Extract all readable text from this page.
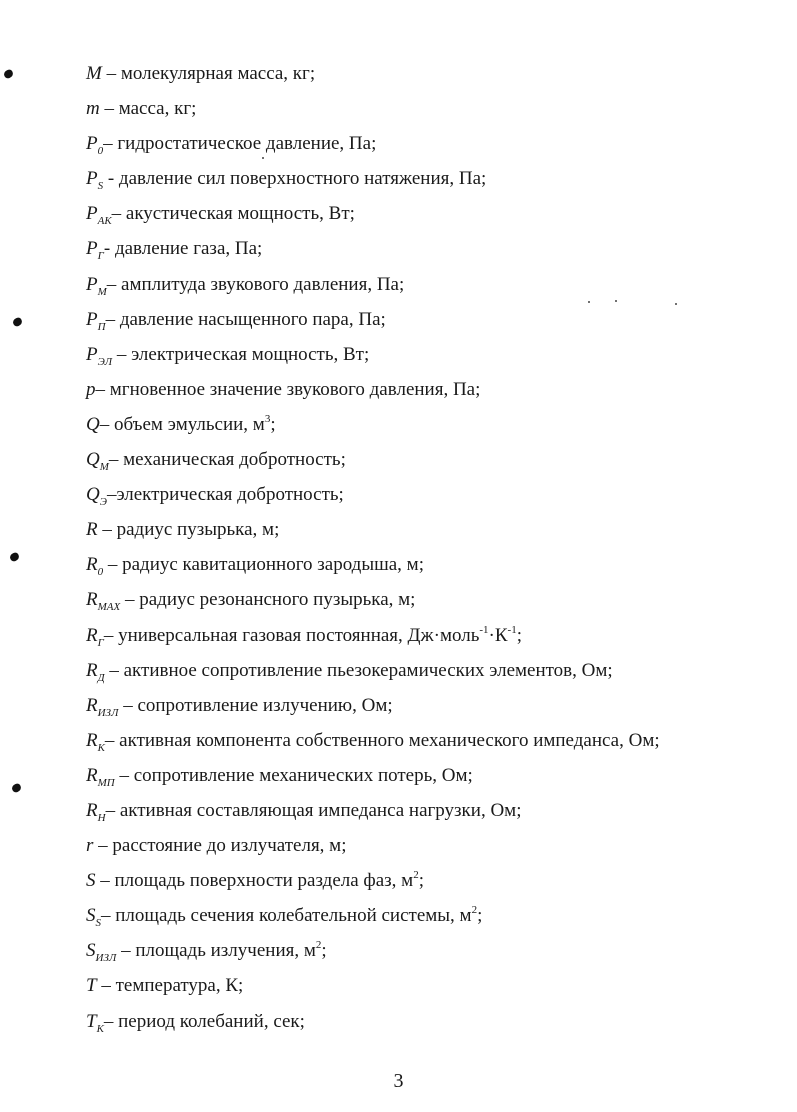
M – молекулярная масса, кг;
m – масса, кг;
$P_0-$ гидростатическое давление, Па;
$P_S$ - давление сил поверхностного натяжения, Па;
$P_{АК}-$ акустическая мощность, Вт;
$P_Г-$ давление газа, Па;
$P_М-$ амплитуда звукового давления, Па;
$P_П-$ давление насыщенного пара, Па;
$P_{ЭЛ}$ – электрическая мощность, Вт;
p– мгновенное значение звукового давления, Па;
Q– объем эмульсии, $м^3$;
$Q_М-$ механическая добротность;
$Q_Э$–электрическая добротность;
R – радиус пузырька, м;
$R_0$ – радиус кавитационного зародыша, м;
$R_{МАХ}$ – радиус резонансного пузырька, м;
$R_Г-$ универсальная газовая постоянная, $Дж\cdot моль^{-1}\cdot К^{-1}$;
$R_Д$ – активное сопротивление пьезокерамических элементов, Ом;
$R_{ИЗЛ}$ – сопротивление излучению, Ом;
$R_К-$ активная компонента собственного механического импеданса, Ом;
$R_{МП}$ – сопротивление механических потерь, Ом;
$R_Н-$ активная составляющая импеданса нагрузки, Ом;
r – расстояние до излучателя, м;
S – площадь поверхности раздела фаз, $м^2$;
$S_S-$ площадь сечения колебательной системы, $м^2$;
$S_{ИЗЛ}$ – площадь излучения, $м^2$;
T – температура, К;
$T_К-$ период колебаний, сек;
3
